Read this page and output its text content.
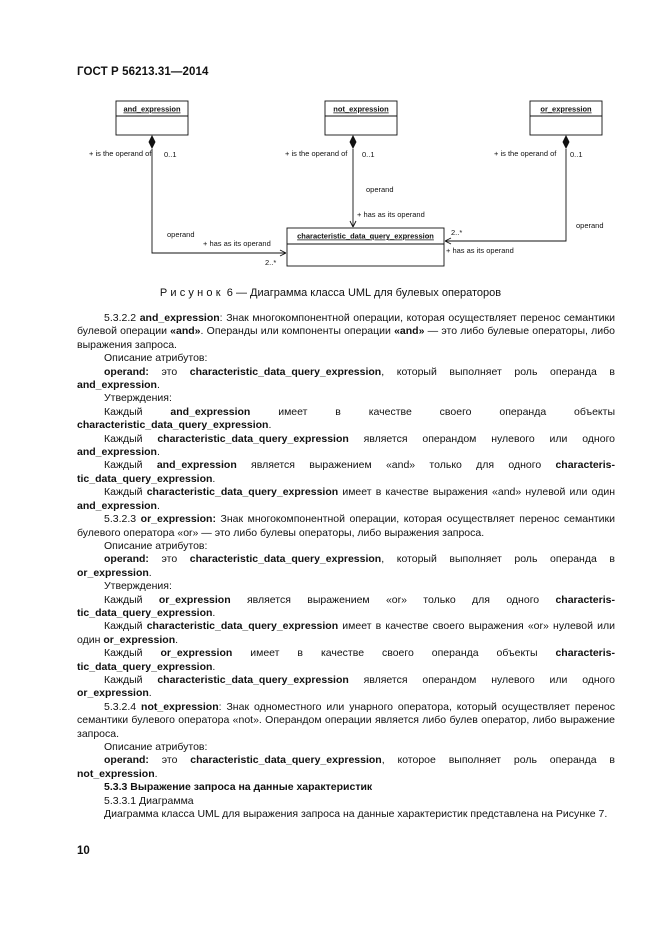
ГОСТ Р 56213.31—2014
and_expression	not_expression	or_expression
characteristic_data_query_expression
+ is the operand of 0..1	+ is the operand of 0..1	+ is the operand of 0..1
operand
+ has as its operand
operand
+ has as its operand
2..*
operand
2..*
+ has as its operand
Рисунок 6 — Диаграмма класса UML для булевых операторов

5.3.2.2 and_expression: Знак многокомпонентной операции, которая осуществляет перенос семантики булевой операции «and». Операнды или компоненты операции «and» — это либо булевые операторы, либо выражения запроса.

Описание атрибутов:

operand: это characteristic_data_query_expression, который выполняет роль операнда в and_expression.

Утверждения:

Каждый and_expression имеет в качестве своего операнда объекты characteristic_data_query_expression.

Каждый characteristic_data_query_expression является операндом нулевого или одного and_expression.

Каждый and_expression является выражением «and» только для одного characteris-tic_data_query_expression.

Каждый characteristic_data_query_expression имеет в качестве выражения «and» нулевой или один and_expression.

5.3.2.3 or_expression: Знак многокомпонентной операции, которая осуществляет перенос семантики булевого оператора «or» — это либо булевы операторы, либо выражения запроса.

Описание атрибутов:

operand: это characteristic_data_query_expression, который выполняет роль операнда в or_expression.

Утверждения:

Каждый or_expression является выражением «or» только для одного characteris-tic_data_query_expression.

Каждый characteristic_data_query_expression имеет в качестве своего выражения «or» нулевой или один or_expression.

Каждый or_expression имеет в качестве своего операнда объекты characteris-tic_data_query_expression.

Каждый characteristic_data_query_expression является операндом нулевого или одного or_expression.

5.3.2.4 not_expression: Знак одноместного или унарного оператора, который осуществляет перенос семантики булевого оператора «not». Операндом операции является либо булев оператор, либо выражение запроса.

Описание атрибутов:

operand: это characteristic_data_query_expression, которое выполняет роль операнда в not_expression.

5.3.3 Выражение запроса на данные характеристик

5.3.3.1 Диаграмма

Диаграмма класса UML для выражения запроса на данные характеристик представлена на Рисунке 7.

10
